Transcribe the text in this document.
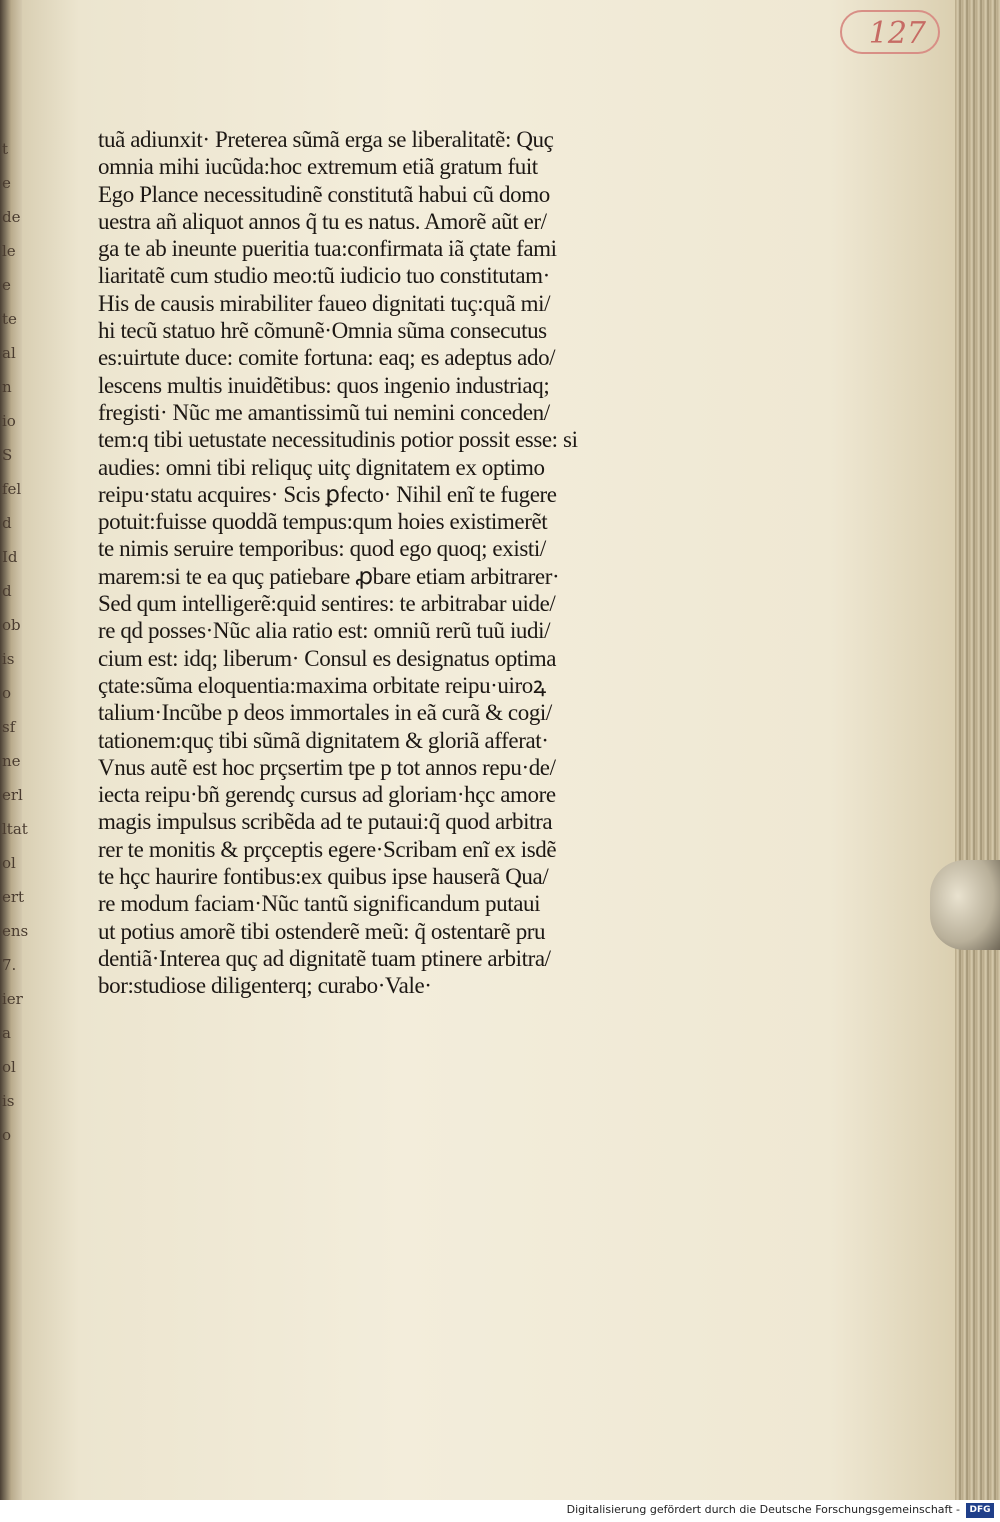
t
e
de
le
e
te
al
n
io
S
fel
d
Id
d
ob
is
o
sf
ne
erl
ltat
ol
ert
ens
7.
ier
a
ol
is
o
127
tuã adiunxit· Preterea sũmã erga se liberalitatẽ: Quç
omnia mihi iucũda:hoc extremum etiã gratum fuit
Ego Plance necessitudinẽ constitutã habui cũ domo
uestra añ aliquot annos q̃ tu es natus. Amorẽ aũt er/
ga te ab ineunte pueritia tua:confirmata iã çtate fami
liaritatẽ cum studio meo:tũ iudicio tuo constitutam·
His de causis mirabiliter faueo dignitati tuç:quã mi/
hi tecũ statuo hrẽ cõmunẽ·Omnia sũma consecutus
es:uirtute duce: comite fortuna: eaq; es adeptus ado/
lescens multis inuidẽtibus: quos ingenio industriaq;
fregisti· Nũc me amantissimũ tui nemini conceden/
tem:q tibi uetustate necessitudinis potior possit esse: si
audies: omni tibi reliquç uitç dignitatem ex optimo
reipu·statu acquires· Scis ꝑfecto· Nihil enĩ te fugere
potuit:fuisse quoddã tempus:qum hoies existimerẽt
te nimis seruire temporibus: quod ego quoq; existi/
marem:si te ea quç patiebare ꝓbare etiam arbitrarer·
Sed qum intelligerẽ:quid sentires: te arbitrabar uide/
re qd posses·Nũc alia ratio est: omniũ rerũ tuũ iudi/
cium est: idq; liberum· Consul es designatus optima
çtate:sũma eloquentia:maxima orbitate reipu·uiroꝝ
talium·Incũbe p deos immortales in eã curã & cogi/
tationem:quç tibi sũmã dignitatem & gloriã afferat·
Vnus autẽ est hoc prçsertim tpe p tot annos repu·de/
iecta reipu·bñ gerendç cursus ad gloriam·hçc amore
magis impulsus scribẽda ad te putaui:q̃ quod arbitra
rer te monitis & prçceptis egere·Scribam enĩ ex isdẽ
te hçc haurire fontibus:ex quibus ipse hauserã Qua/
re modum faciam·Nũc tantũ significandum putaui
ut potius amorẽ tibi ostenderẽ meũ: q̃ ostentarẽ pru
dentiã·Interea quç ad dignitatẽ tuam ptinere arbitra/
bor:studiose diligenterq; curabo·Vale·
Digitalisierung gefördert durch die Deutsche Forschungsgemeinschaft -	DFG
